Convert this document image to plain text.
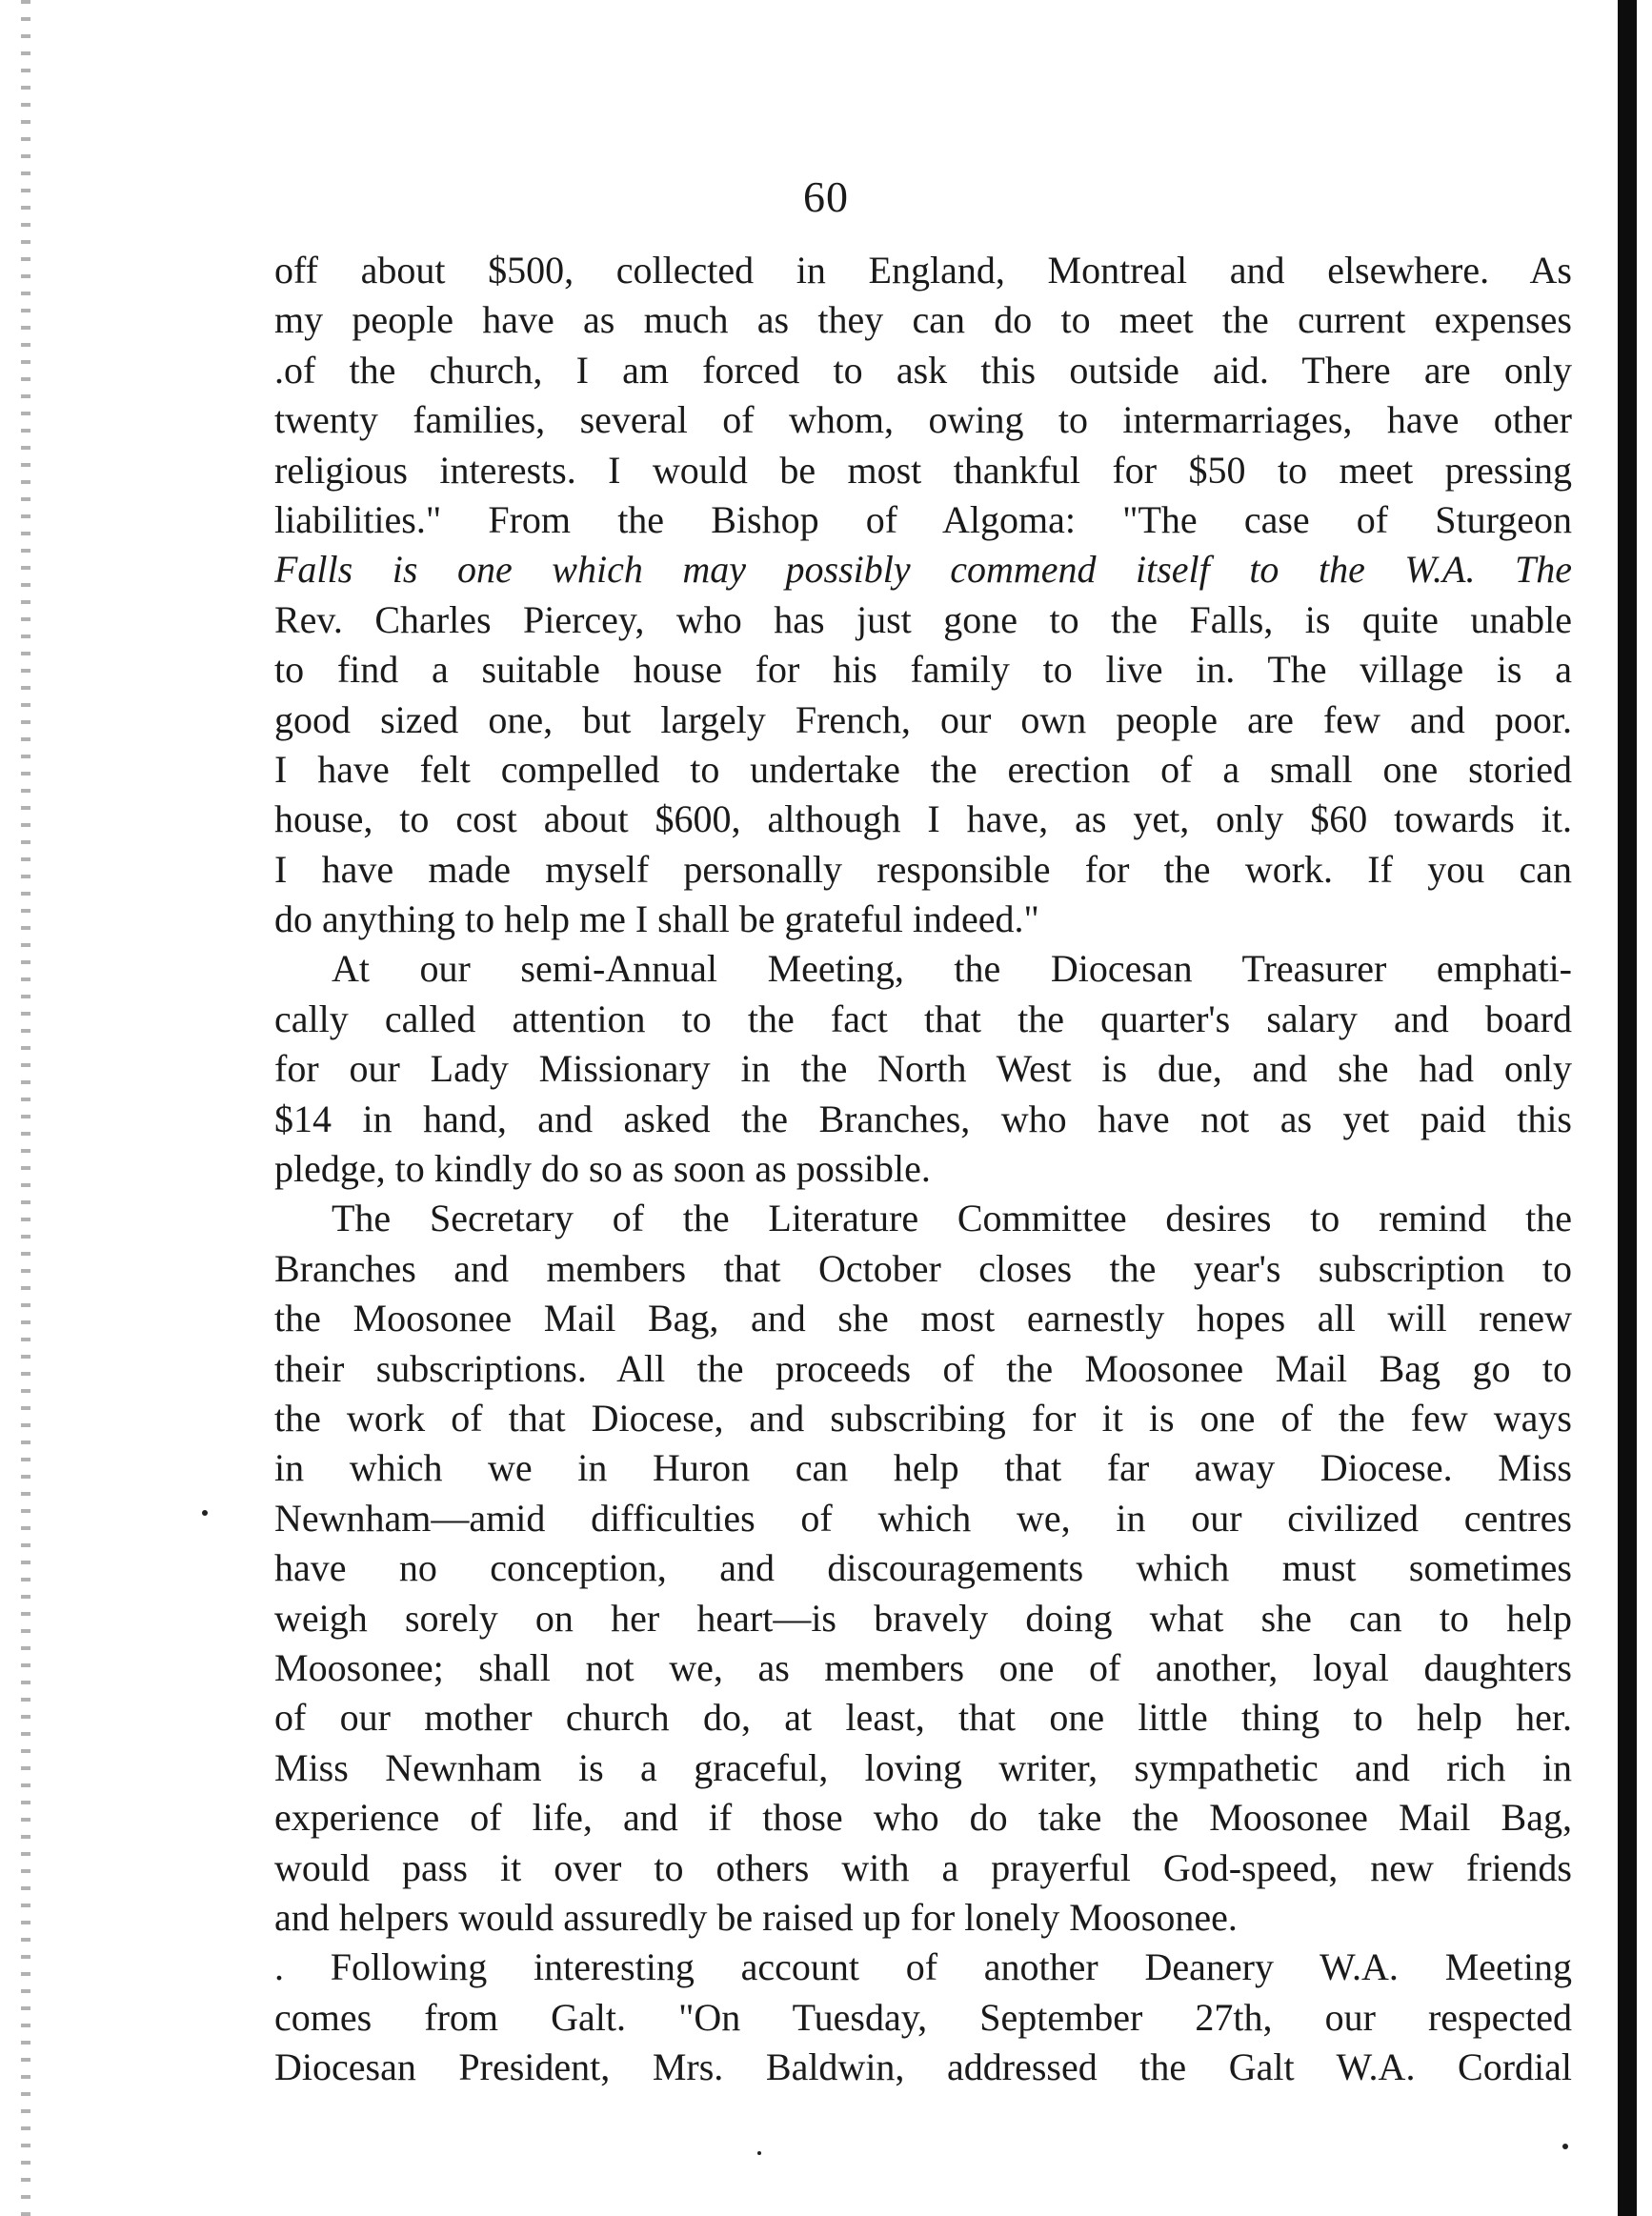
60
off about $500, collected in England, Montreal and elsewhere. As
my people have as much as they can do to meet the current expenses
.of the church, I am forced to ask this outside aid. There are only
twenty families, several of whom, owing to intermarriages, have other
religious interests. I would be most thankful for $50 to meet pressing
liabilities." From the Bishop of Algoma: "The case of Sturgeon
Falls is one which may possibly commend itself to the W.A. The
Rev. Charles Piercey, who has just gone to the Falls, is quite unable
to find a suitable house for his family to live in. The village is a
good sized one, but largely French, our own people are few and poor.
I have felt compelled to undertake the erection of a small one storied
house, to cost about $600, although I have, as yet, only $60 towards it.
I have made myself personally responsible for the work. If you can
do anything to help me I shall be grateful indeed."
At our semi-Annual Meeting, the Diocesan Treasurer emphati-
cally called attention to the fact that the quarter's salary and board
for our Lady Missionary in the North West is due, and she had only
$14 in hand, and asked the Branches, who have not as yet paid this
pledge, to kindly do so as soon as possible.
The Secretary of the Literature Committee desires to remind the
Branches and members that October closes the year's subscription to
the Moosonee Mail Bag, and she most earnestly hopes all will renew
their subscriptions. All the proceeds of the Moosonee Mail Bag go to
the work of that Diocese, and subscribing for it is one of the few ways
in which we in Huron can help that far away Diocese. Miss
Newnham—amid difficulties of which we, in our civilized centres
have no conception, and discouragements which must sometimes
weigh sorely on her heart—is bravely doing what she can to help
Moosonee; shall not we, as members one of another, loyal daughters
of our mother church do, at least, that one little thing to help her.
Miss Newnham is a graceful, loving writer, sympathetic and rich in
experience of life, and if those who do take the Moosonee Mail Bag,
would pass it over to others with a prayerful God-speed, new friends
and helpers would assuredly be raised up for lonely Moosonee.
. Following interesting account of another Deanery W.A. Meeting
comes from Galt. "On Tuesday, September 27th, our respected
Diocesan President, Mrs. Baldwin, addressed the Galt W.A. Cordial
